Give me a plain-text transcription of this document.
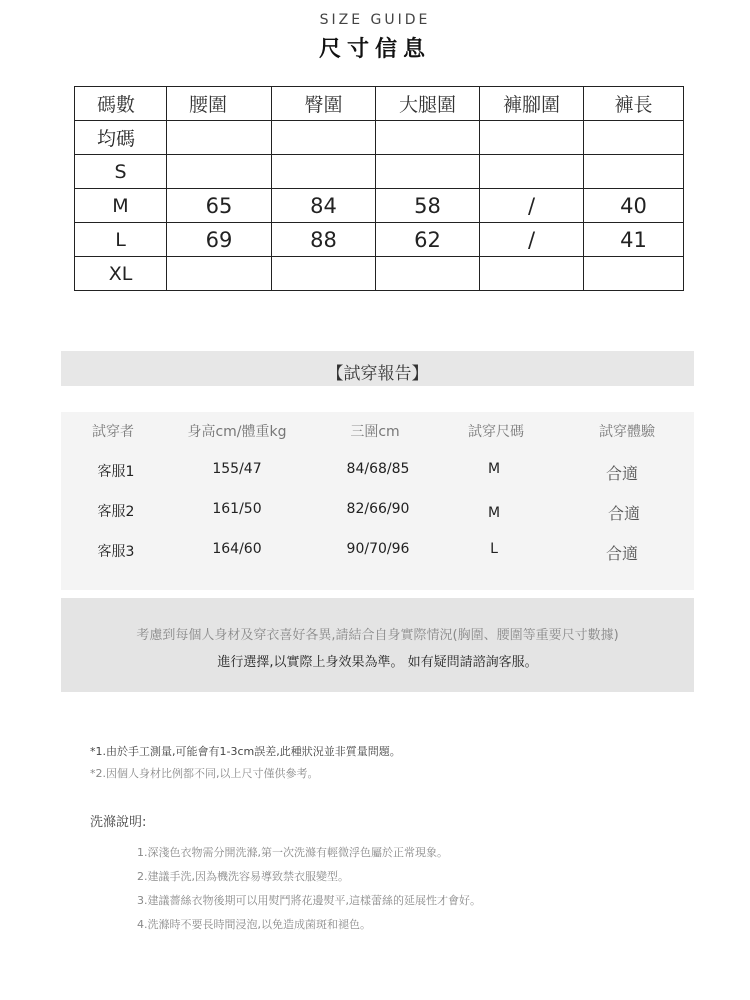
SIZE GUIDE
尺寸信息
碼數	腰圍	臀圍	大腿圍	褲腳圍	褲長
均碼					
S					
M	65	84	58	/	40
L	69	88	62	/	41
XL					
【試穿報告】
試穿者	身高cm/體重kg	三圍cm	試穿尺碼	試穿體驗
客服1	155/47	84/68/85	M	合適
客服2	161/50	82/66/90	M	合適
客服3	164/60	90/70/96	L	合適
考慮到每個人身材及穿衣喜好各異,請結合自身實際情況(胸圍、腰圍等重要尺寸數據)
進行選擇,以實際上身效果為準。 如有疑問請諮詢客服。
*1.由於手工測量,可能會有1-3cm誤差,此種狀況並非質量問題。
*2.因個人身材比例都不同,以上尺寸僅供參考。
洗滌說明:
1.深淺色衣物需分開洗滌,第一次洗滌有輕微浮色屬於正常現象。
2.建議手洗,因為機洗容易導致禁衣服變型。
3.建議薔絲衣物後期可以用熨鬥將花邊熨平,這樣蕾絲的延展性才會好。
4.洗滌時不要長時間浸泡,以免造成菌斑和褪色。
